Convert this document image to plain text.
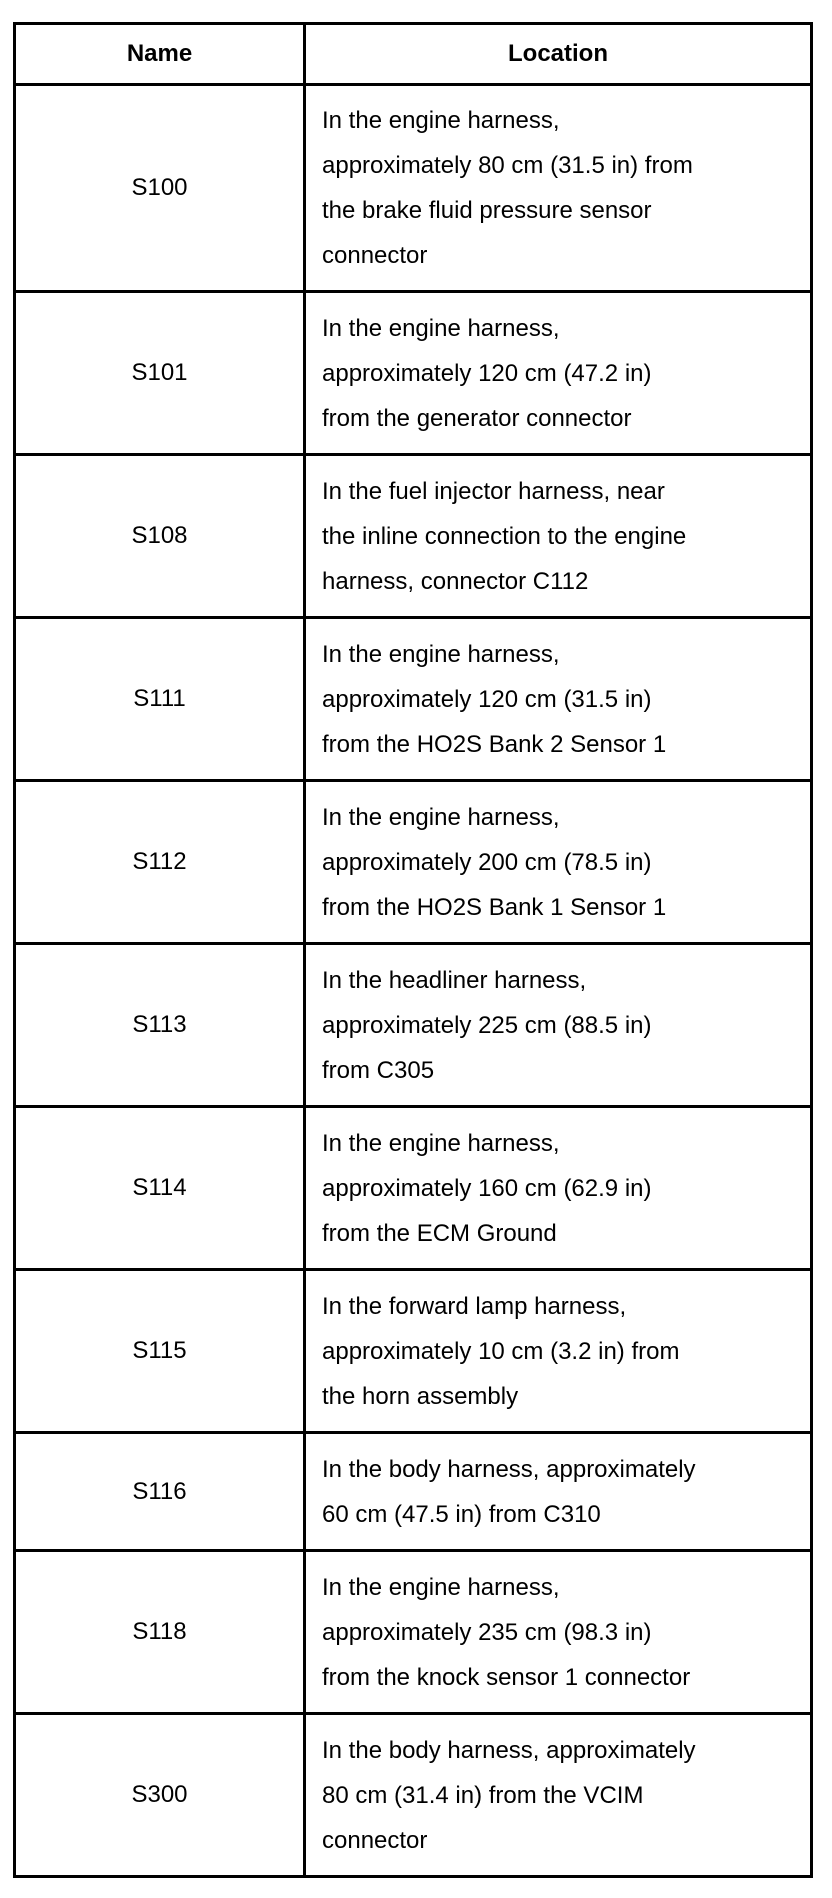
Name	Location
S100	In the engine harness,
approximately 80 cm (31.5 in) from
the brake fluid pressure sensor
connector
S101	In the engine harness,
approximately 120 cm (47.2 in)
from the generator connector
S108	In the fuel injector harness, near
the inline connection to the engine
harness, connector C112
S111	In the engine harness,
approximately 120 cm (31.5 in)
from the HO2S Bank 2 Sensor 1
S112	In the engine harness,
approximately 200 cm (78.5 in)
from the HO2S Bank 1 Sensor 1
S113	In the headliner harness,
approximately 225 cm (88.5 in)
from C305
S114	In the engine harness,
approximately 160 cm (62.9 in)
from the ECM Ground
S115	In the forward lamp harness,
approximately 10 cm (3.2 in) from
the horn assembly
S116	In the body harness, approximately
60 cm (47.5 in) from C310
S118	In the engine harness,
approximately 235 cm (98.3 in)
from the knock sensor 1 connector
S300	In the body harness, approximately
80 cm (31.4 in) from the VCIM
connector
